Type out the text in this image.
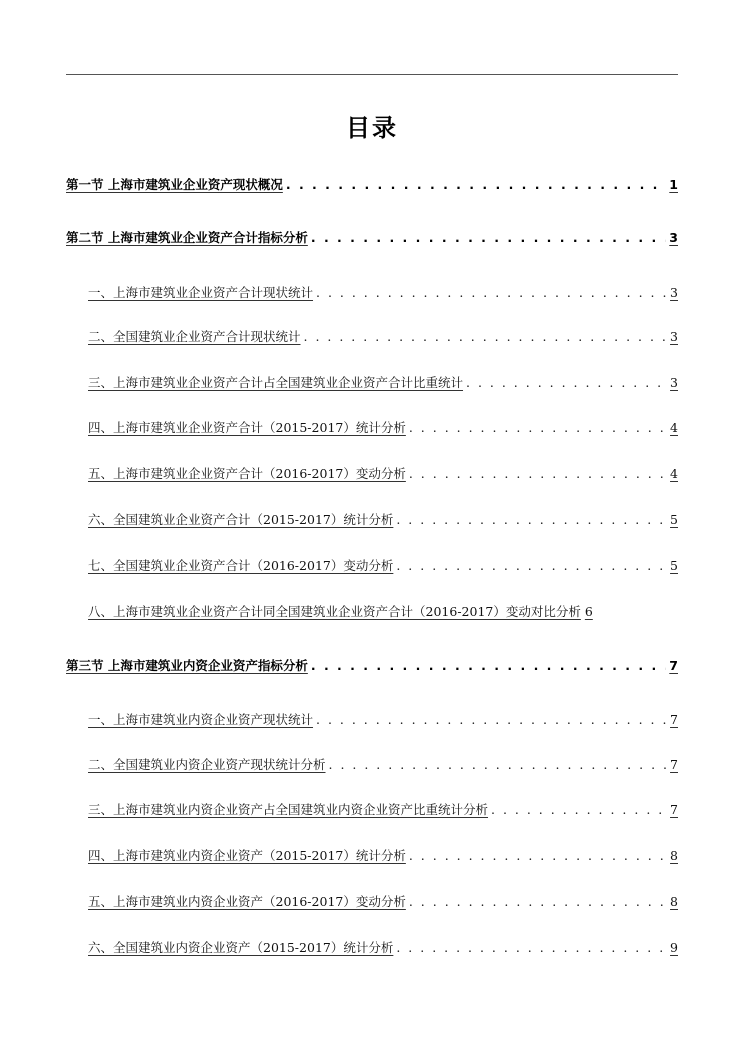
目录
第一节 上海市建筑业企业资产现状概况 . . .	1
第二节 上海市建筑业企业资产合计指标分析 . . .	3
一、上海市建筑业企业资产合计现状统计 . . .	3
二、全国建筑业企业资产合计现状统计 . . .	3
三、上海市建筑业企业资产合计占全国建筑业企业资产合计比重统计 . . .	3
四、上海市建筑业企业资产合计（2015-2017）统计分析 . . .	4
五、上海市建筑业企业资产合计（2016-2017）变动分析 . . .	4
六、全国建筑业企业资产合计（2015-2017）统计分析 . . .	5
七、全国建筑业企业资产合计（2016-2017）变动分析 . . .	5
八、上海市建筑业企业资产合计同全国建筑业企业资产合计（2016-2017）变动对比分析 6
第三节 上海市建筑业内资企业资产指标分析 . . .	7
一、上海市建筑业内资企业资产现状统计 . . .	7
二、全国建筑业内资企业资产现状统计分析 . . .	7
三、上海市建筑业内资企业资产占全国建筑业内资企业资产比重统计分析 . . .	7
四、上海市建筑业内资企业资产（2015-2017）统计分析 . . .	8
五、上海市建筑业内资企业资产（2016-2017）变动分析 . . .	8
六、全国建筑业内资企业资产（2015-2017）统计分析 . . .	9
